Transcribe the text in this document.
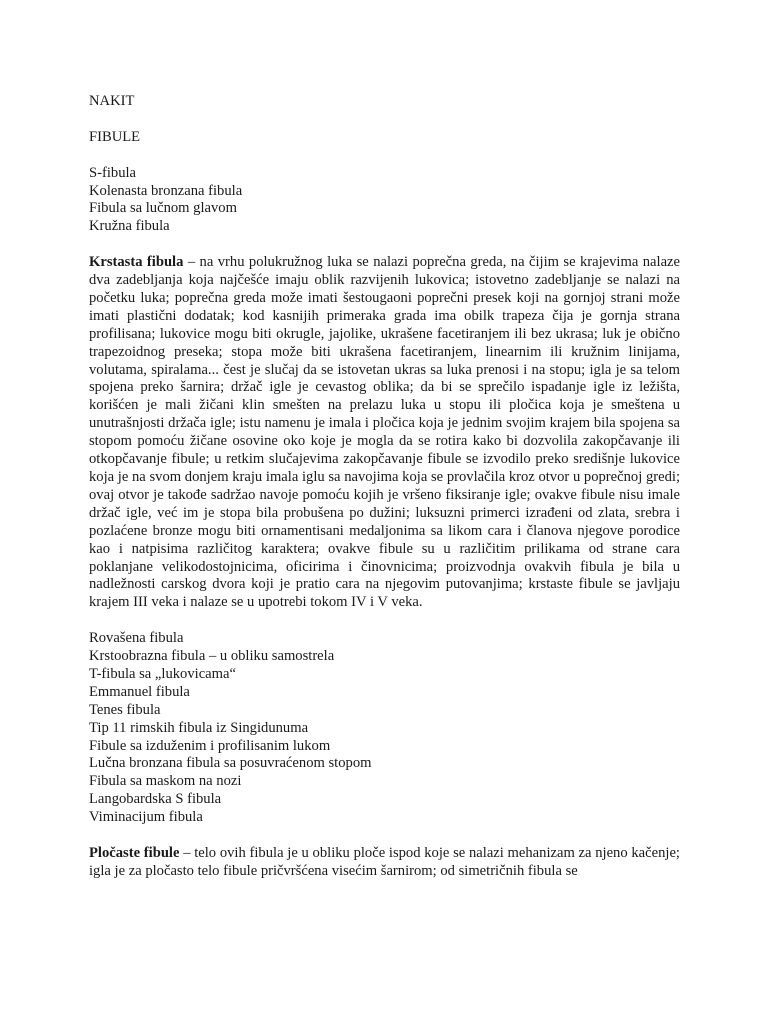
NAKIT

FIBULE

S-fibula

Kolenasta bronzana fibula

Fibula sa lučnom glavom

Kružna fibula

Krstasta fibula – na vrhu polukružnog luka se nalazi poprečna greda, na čijim se krajevima nalaze dva zadebljanja koja najčešće imaju oblik razvijenih lukovica; istovetno zadebljanje se nalazi na početku luka; poprečna greda može imati šestougaoni poprečni presek koji na gornjoj strani može imati plastični dodatak; kod kasnijih primeraka grada ima obilk trapeza čija je gornja strana profilisana; lukovice mogu biti okrugle, jajolike, ukrašene facetiranjem ili bez ukrasa; luk je obično trapezoidnog preseka; stopa može biti ukrašena facetiranjem, linearnim ili kružnim linijama, volutama, spiralama... čest je slučaj da se istovetan ukras sa luka prenosi i na stopu; igla je sa telom spojena preko šarnira; držač igle je cevastog oblika; da bi se sprečilo ispadanje igle iz ležišta, korišćen je mali žičani klin smešten na prelazu luka u stopu ili pločica koja je smeštena u unutrašnjosti držača igle; istu namenu je imala i pločica koja je jednim svojim krajem bila spojena sa stopom pomoću žičane osovine oko koje je mogla da se rotira kako bi dozvolila zakopčavanje ili otkopčavanje fibule; u retkim slučajevima zakopčavanje fibule se izvodilo preko središnje lukovice koja je na svom donjem kraju imala iglu sa navojima koja se provlačila kroz otvor u poprečnoj gredi; ovaj otvor je takođe sadržao navoje pomoću kojih je vršeno fiksiranje igle; ovakve fibule nisu imale držač igle, već im je stopa bila probušena po dužini; luksuzni primerci izrađeni od zlata, srebra i pozlaćene bronze mogu biti ornamentisani medaljonima sa likom cara i članova njegove porodice kao i natpisima različitog karaktera; ovakve fibule su u različitim prilikama od strane cara poklanjane velikodostojnicima, oficirima i činovnicima; proizvodnja ovakvih fibula je bila u nadležnosti carskog dvora koji je pratio cara na njegovim putovanjima; krstaste fibule se javljaju krajem III veka i nalaze se u upotrebi tokom IV i V veka.

Rovašena fibula

Krstoobrazna fibula – u obliku samostrela

T-fibula sa „lukovicama“

Emmanuel fibula

Tenes fibula

Tip 11 rimskih fibula iz Singidunuma

Fibule sa izduženim i profilisanim lukom

Lučna bronzana fibula sa posuvraćenom stopom

Fibula sa maskom na nozi

Langobardska S fibula

Viminacijum fibula

Pločaste fibule – telo ovih fibula je u obliku ploče ispod koje se nalazi mehanizam za njeno kačenje; igla je za pločasto telo fibule pričvršćena visećim šarnirom; od simetričnih fibula se
